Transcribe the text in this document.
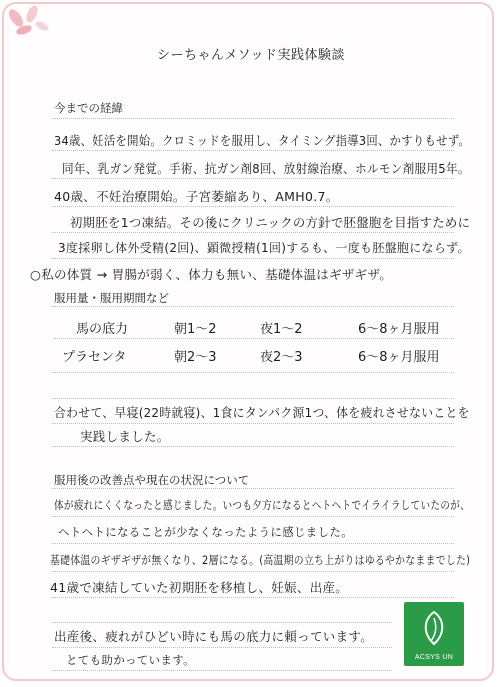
シーちゃんメソッド実践体験談
今までの経緯
34歳、妊活を開始。クロミッドを服用し、タイミング指導3回、かすりもせず。
同年、乳ガン発覚。手術、抗ガン剤8回、放射線治療、ホルモン剤服用5年。
40歳、不妊治療開始。子宮萎縮あり、AMH0.7。
初期胚を1つ凍結。その後にクリニックの方針で胚盤胞を目指すために
3度採卵し体外受精(2回)、顕微授精(1回)するも、一度も胚盤胞にならず。
○私の体質 → 胃腸が弱く、体力も無い、基礎体温はギザギザ。
服用量・服用期間など
馬の底力	朝1〜2	夜1〜2	6〜8ヶ月服用
プラセンタ	朝2〜3	夜2〜3	6〜8ヶ月服用
合わせて、早寝(22時就寝)、1食にタンパク源1つ、体を疲れさせないことを
実践しました。
服用後の改善点や現在の状況について
体が疲れにくくなったと感じました。いつも夕方になるとヘトヘトでイライラしていたのが、
ヘトヘトになることが少なくなったように感じました。
基礎体温のギザギザが無くなり、2層になる。(高温期の立ち上がりはゆるやかなままでした)
41歳で凍結していた初期胚を移植し、妊娠、出産。
出産後、疲れがひどい時にも馬の底力に頼っています。
とても助かっています。	ACSYS UN
